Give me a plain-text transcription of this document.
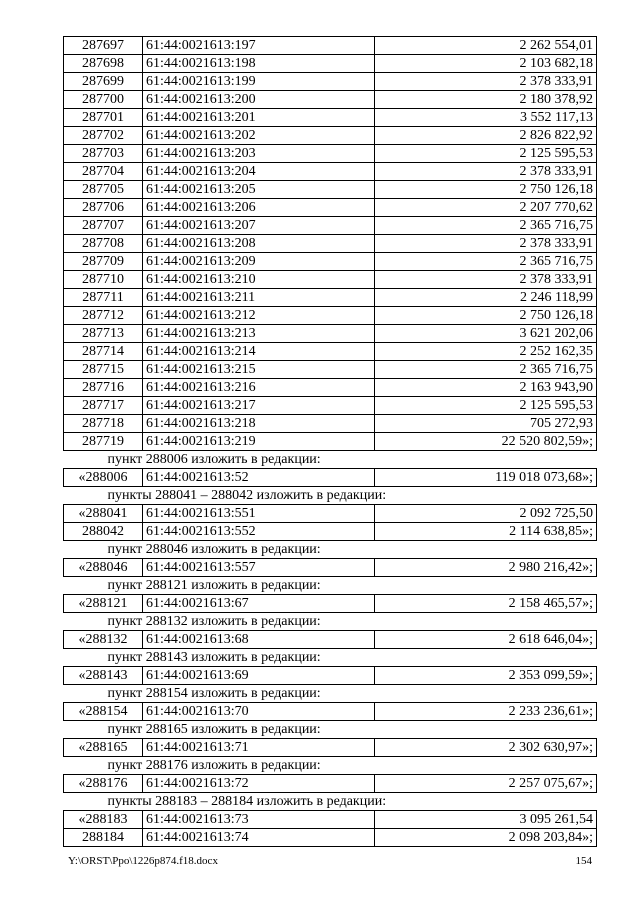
287697	61:44:0021613:197	2 262 554,01
287698	61:44:0021613:198	2 103 682,18
287699	61:44:0021613:199	2 378 333,91
287700	61:44:0021613:200	2 180 378,92
287701	61:44:0021613:201	3 552 117,13
287702	61:44:0021613:202	2 826 822,92
287703	61:44:0021613:203	2 125 595,53
287704	61:44:0021613:204	2 378 333,91
287705	61:44:0021613:205	2 750 126,18
287706	61:44:0021613:206	2 207 770,62
287707	61:44:0021613:207	2 365 716,75
287708	61:44:0021613:208	2 378 333,91
287709	61:44:0021613:209	2 365 716,75
287710	61:44:0021613:210	2 378 333,91
287711	61:44:0021613:211	2 246 118,99
287712	61:44:0021613:212	2 750 126,18
287713	61:44:0021613:213	3 621 202,06
287714	61:44:0021613:214	2 252 162,35
287715	61:44:0021613:215	2 365 716,75
287716	61:44:0021613:216	2 163 943,90
287717	61:44:0021613:217	2 125 595,53
287718	61:44:0021613:218	705 272,93
287719	61:44:0021613:219	22 520 802,59»;
пункт 288006 изложить в редакции:		
«288006	61:44:0021613:52	119 018 073,68»;
пункты 288041 – 288042 изложить в редакции:		
«288041	61:44:0021613:551	2 092 725,50
288042	61:44:0021613:552	2 114 638,85»;
пункт 288046 изложить в редакции:		
«288046	61:44:0021613:557	2 980 216,42»;
пункт 288121 изложить в редакции:		
«288121	61:44:0021613:67	2 158 465,57»;
пункт 288132 изложить в редакции:		
«288132	61:44:0021613:68	2 618 646,04»;
пункт 288143 изложить в редакции:		
«288143	61:44:0021613:69	2 353 099,59»;
пункт 288154 изложить в редакции:		
«288154	61:44:0021613:70	2 233 236,61»;
пункт 288165 изложить в редакции:		
«288165	61:44:0021613:71	2 302 630,97»;
пункт 288176 изложить в редакции:		
«288176	61:44:0021613:72	2 257 075,67»;
пункты 288183 – 288184 изложить в редакции:		
«288183	61:44:0021613:73	3 095 261,54
288184	61:44:0021613:74	2 098 203,84»;
Y:\ORST\Ppo\1226p874.f18.docx	154
